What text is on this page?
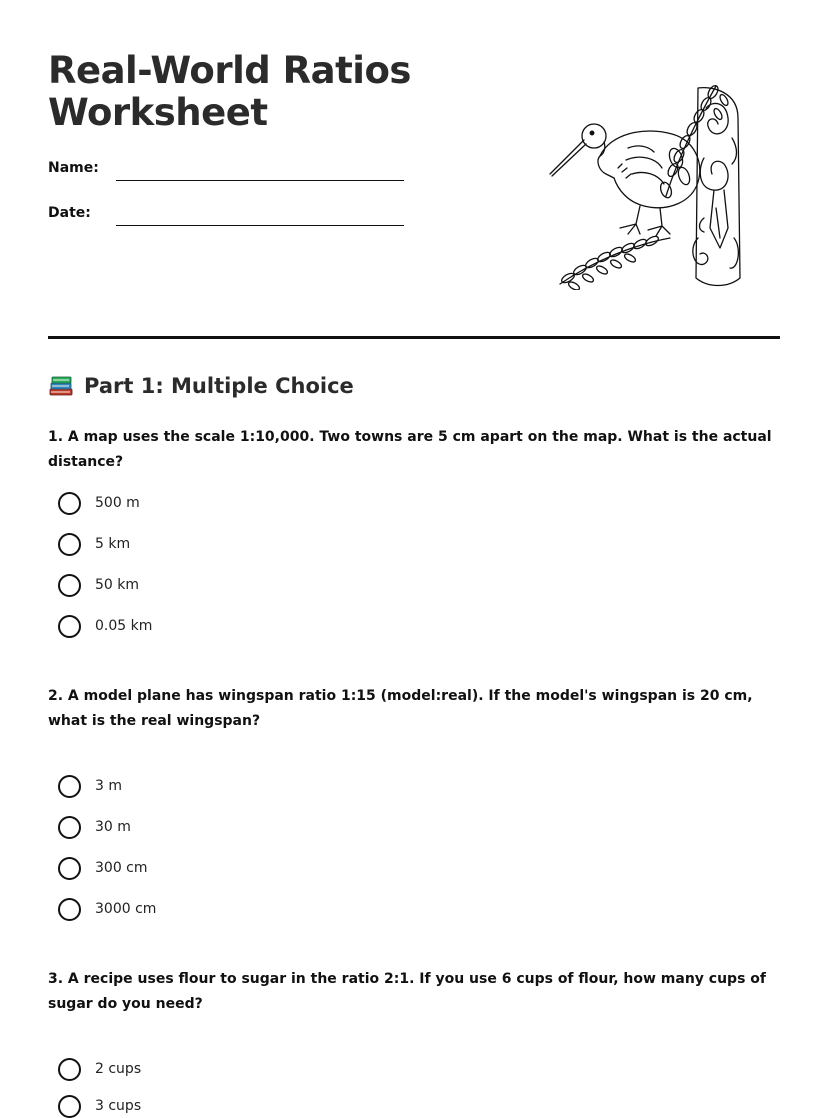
Real-World Ratios
Worksheet
Name:
Date:
Part 1: Multiple Choice
1. A map uses the scale 1:10,000. Two towns are 5 cm apart on the map. What is the actual distance?
500 m
5 km
50 km
0.05 km
2. A model plane has wingspan ratio 1:15 (model:real). If the model's wingspan is 20 cm, what is the real wingspan?
3 m
30 m
300 cm
3000 cm
3. A recipe uses flour to sugar in the ratio 2:1. If you use 6 cups of flour, how many cups of sugar do you need?
2 cups
3 cups
